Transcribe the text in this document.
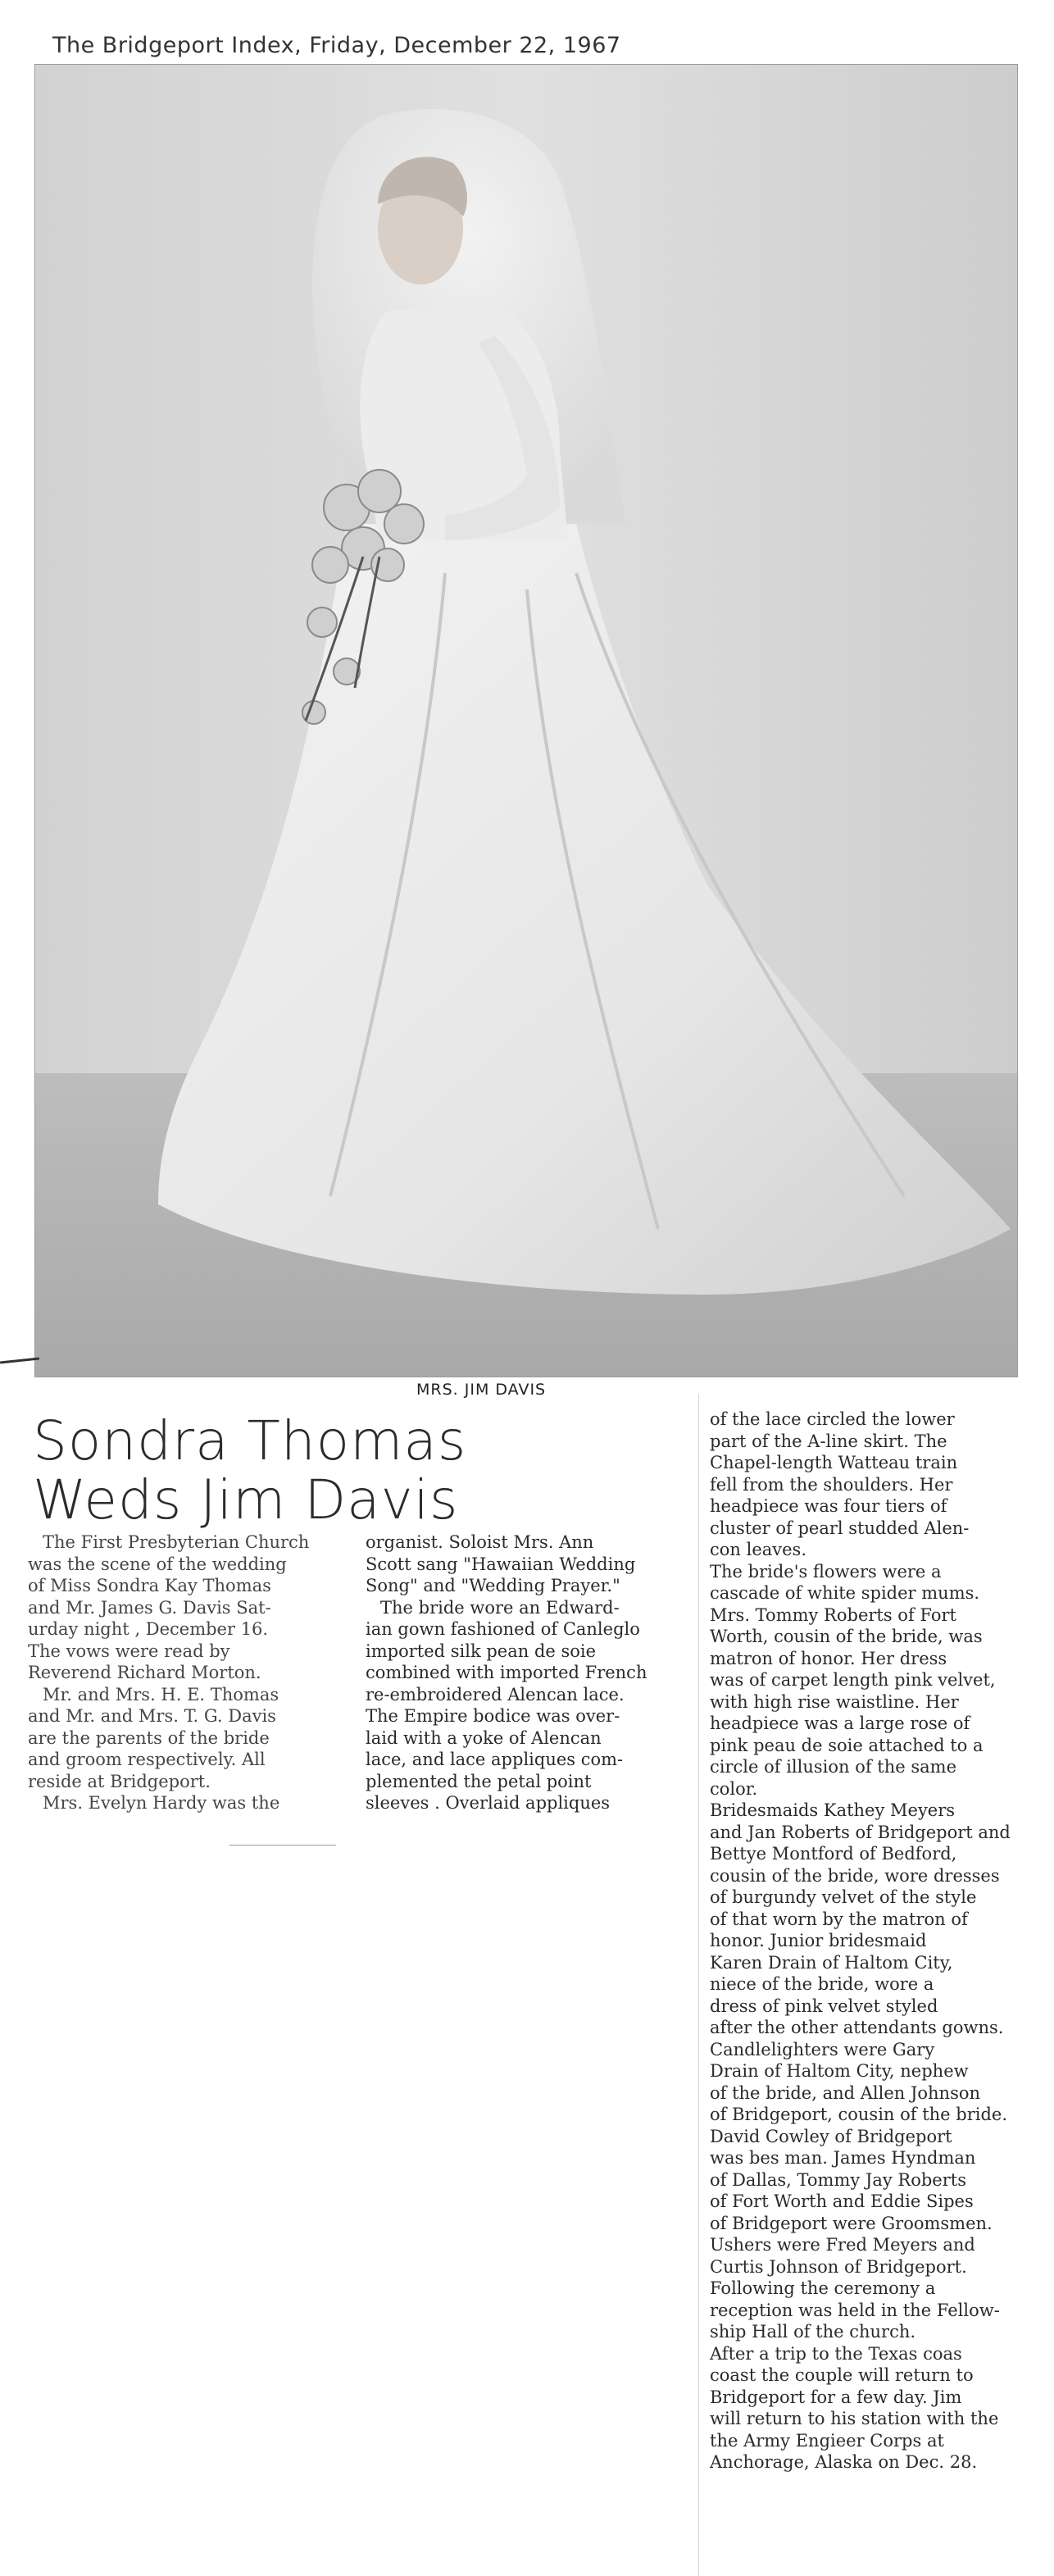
The Bridgeport Index, Friday, December 22, 1967
MRS. JIM DAVIS
Sondra Thomas
Weds Jim Davis

The First Presbyterian Church
was the scene of the wedding
of Miss Sondra Kay Thomas
and Mr. James G. Davis Sat-
urday night , December 16.
The vows were read by
Reverend Richard Morton.

Mr. and Mrs. H. E. Thomas
and Mr. and Mrs. T. G. Davis
are the parents of the bride
and groom respectively. All
reside at Bridgeport.

Mrs. Evelyn Hardy was the

organist. Soloist Mrs. Ann
Scott sang "Hawaiian Wedding
Song" and "Wedding Prayer."

The bride wore an Edward-
ian gown fashioned of Canleglo
imported silk pean de soie
combined with imported French
re-embroidered Alencan lace.
The Empire bodice was over-
laid with a yoke of Alencan
lace, and lace appliques com-
plemented the petal point
sleeves . Overlaid appliques

of the lace circled the lower
part of the A-line skirt. The
Chapel-length Watteau train
fell from the shoulders. Her
headpiece was four tiers of
cluster of pearl studded Alen-
con leaves.

The bride's flowers were a
cascade of white spider mums.

Mrs. Tommy Roberts of Fort
Worth, cousin of the bride, was
matron of honor. Her dress
was of carpet length pink velvet,
with high rise waistline. Her
headpiece was a large rose of
pink peau de soie attached to a
circle of illusion of the same
color.

Bridesmaids Kathey Meyers
and Jan Roberts of Bridgeport and
Bettye Montford of Bedford,
cousin of the bride, wore dresses
of burgundy velvet of the style
of that worn by the matron of
honor. Junior bridesmaid
Karen Drain of Haltom City,
niece of the bride, wore a
dress of pink velvet styled
after the other attendants gowns.

Candlelighters were Gary
Drain of Haltom City, nephew
of the bride, and Allen Johnson
of Bridgeport, cousin of the bride.

David Cowley of Bridgeport
was bes man. James Hyndman
of Dallas, Tommy Jay Roberts
of Fort Worth and Eddie Sipes
of Bridgeport were Groomsmen.
Ushers were Fred Meyers and
Curtis Johnson of Bridgeport.

Following the ceremony a
reception was held in the Fellow-
ship Hall of the church.

After a trip to the Texas coas
coast the couple will return to
Bridgeport for a few day. Jim
will return to his station with the
the Army Engieer Corps at
Anchorage, Alaska on Dec. 28.
